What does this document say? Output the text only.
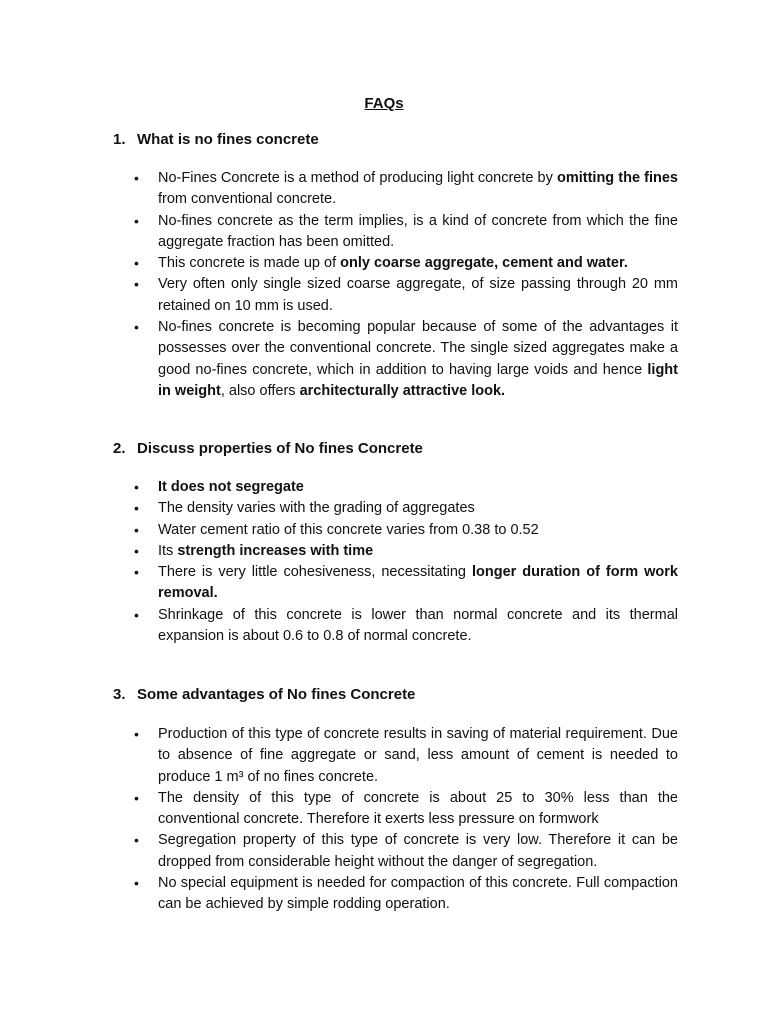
FAQs
1. What is no fines concrete
• No-Fines Concrete is a method of producing light concrete by omitting the fines from conventional concrete.
• No-fines concrete as the term implies, is a kind of concrete from which the fine aggregate fraction has been omitted.
• This concrete is made up of only coarse aggregate, cement and water.
• Very often only single sized coarse aggregate, of size passing through 20 mm retained on 10 mm is used.
• No-fines concrete is becoming popular because of some of the advantages it possesses over the conventional concrete. The single sized aggregates make a good no-fines concrete, which in addition to having large voids and hence light in weight, also offers architecturally attractive look.
2. Discuss properties of No fines Concrete
• It does not segregate
• The density varies with the grading of aggregates
• Water cement ratio of this concrete varies from 0.38 to 0.52
• Its strength increases with time
• There is very little cohesiveness, necessitating longer duration of form work removal.
• Shrinkage of this concrete is lower than normal concrete and its thermal expansion is about 0.6 to 0.8 of normal concrete.
3. Some advantages of No fines Concrete
• Production of this type of concrete results in saving of material requirement. Due to absence of fine aggregate or sand, less amount of cement is needed to produce 1 m³ of no fines concrete.
• The density of this type of concrete is about 25 to 30% less than the conventional concrete. Therefore it exerts less pressure on formwork
• Segregation property of this type of concrete is very low. Therefore it can be dropped from considerable height without the danger of segregation.
• No special equipment is needed for compaction of this concrete. Full compaction can be achieved by simple rodding operation.
